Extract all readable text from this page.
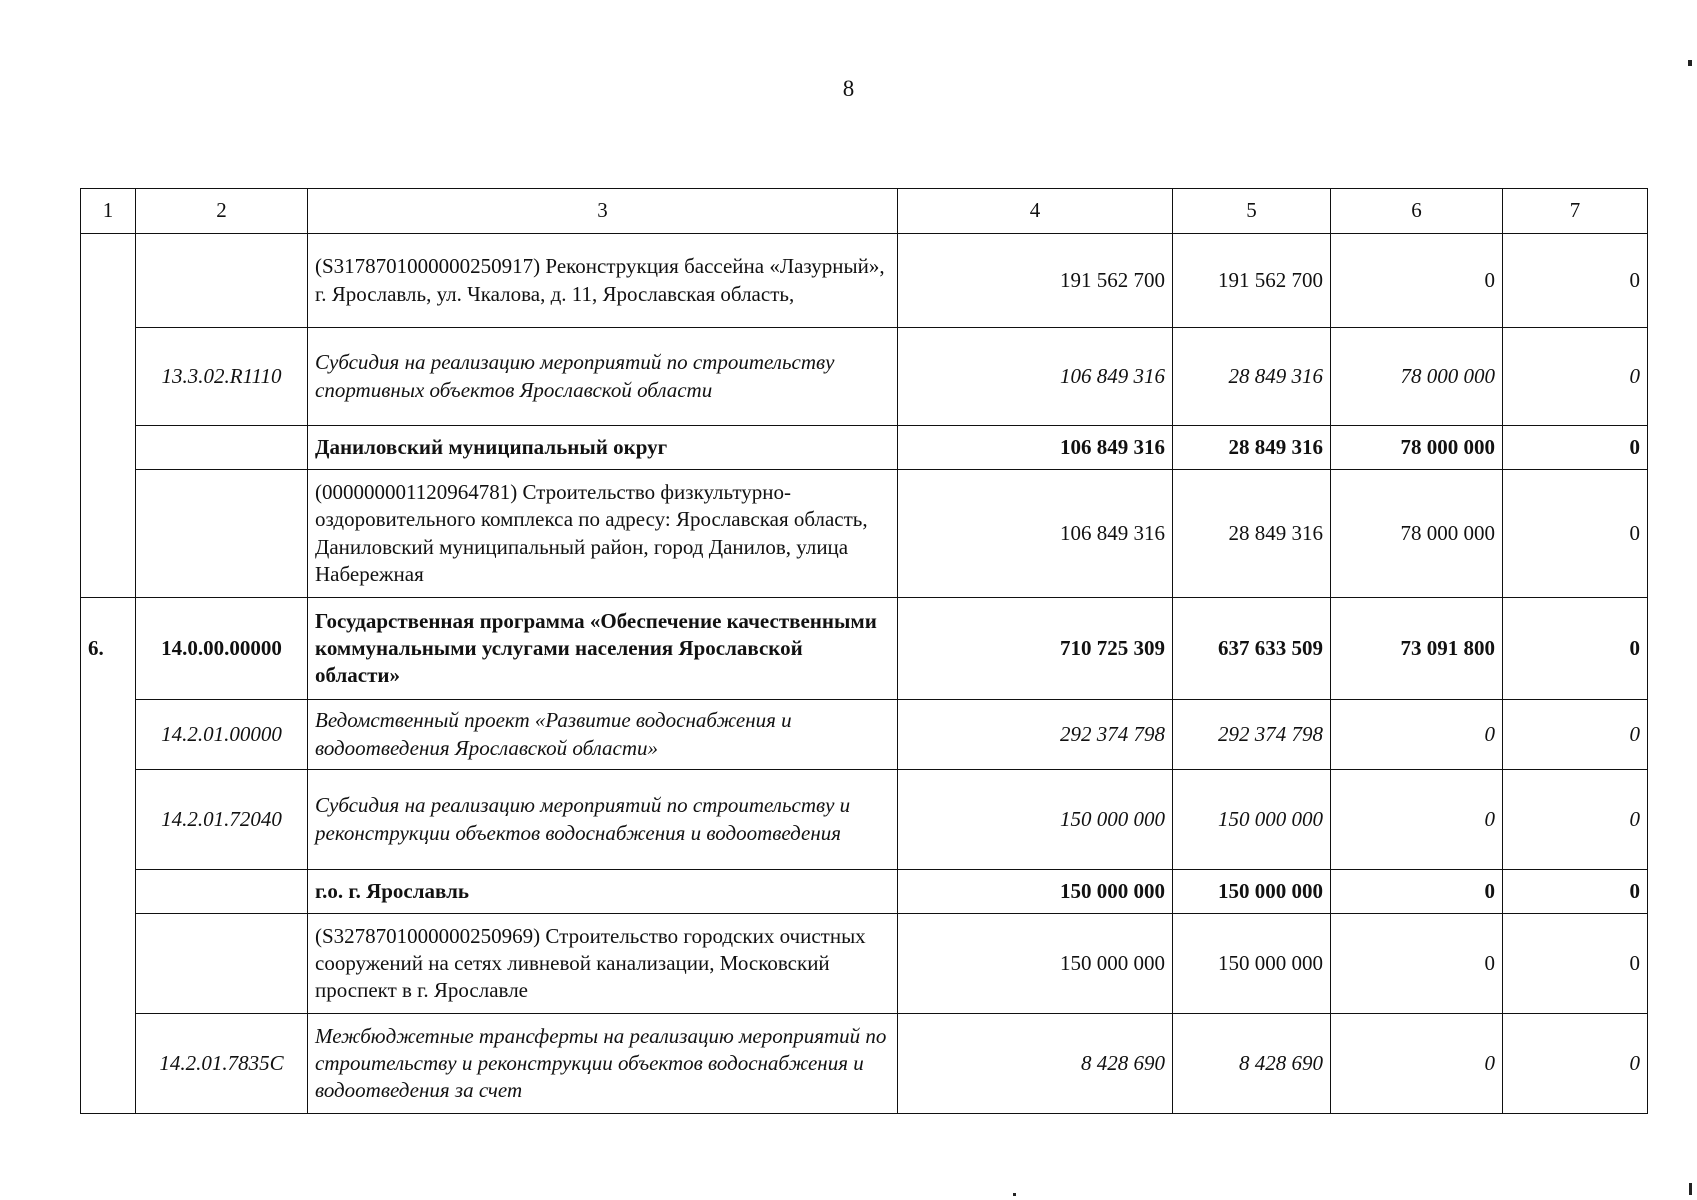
8
1	2	3	4	5	6	7
		(S3178701000000250917) Реконструкция бассейна «Лазурный», г. Ярославль, ул. Чкалова, д. 11, Ярославская область,	191 562 700	191 562 700	0	0
	13.3.02.R1110	Субсидия на реализацию мероприятий по строительству спортивных объектов Ярославской области	106 849 316	28 849 316	78 000 000	0
		Даниловский муниципальный округ	106 849 316	28 849 316	78 000 000	0
		(000000001120964781) Строительство физкультурно-оздоровительного комплекса по адресу: Ярославская область, Даниловский муниципальный район, город Данилов, улица Набережная	106 849 316	28 849 316	78 000 000	0
6.	14.0.00.00000	Государственная программа «Обеспечение качественными коммунальными услугами населения Ярославской области»	710 725 309	637 633 509	73 091 800	0
	14.2.01.00000	Ведомственный проект «Развитие водоснабжения и водоотведения Ярославской области»	292 374 798	292 374 798	0	0
	14.2.01.72040	Субсидия на реализацию мероприятий по строительству и реконструкции объектов водоснабжения и водоотведения	150 000 000	150 000 000	0	0
		г.о. г. Ярославль	150 000 000	150 000 000	0	0
		(S3278701000000250969) Строительство городских очистных сооружений на сетях ливневой канализации, Московский проспект в г. Ярославле	150 000 000	150 000 000	0	0
	14.2.01.7835С	Межбюджетные трансферты на реализацию мероприятий по строительству и реконструкции объектов водоснабжения и водоотведения за счет	8 428 690	8 428 690	0	0
